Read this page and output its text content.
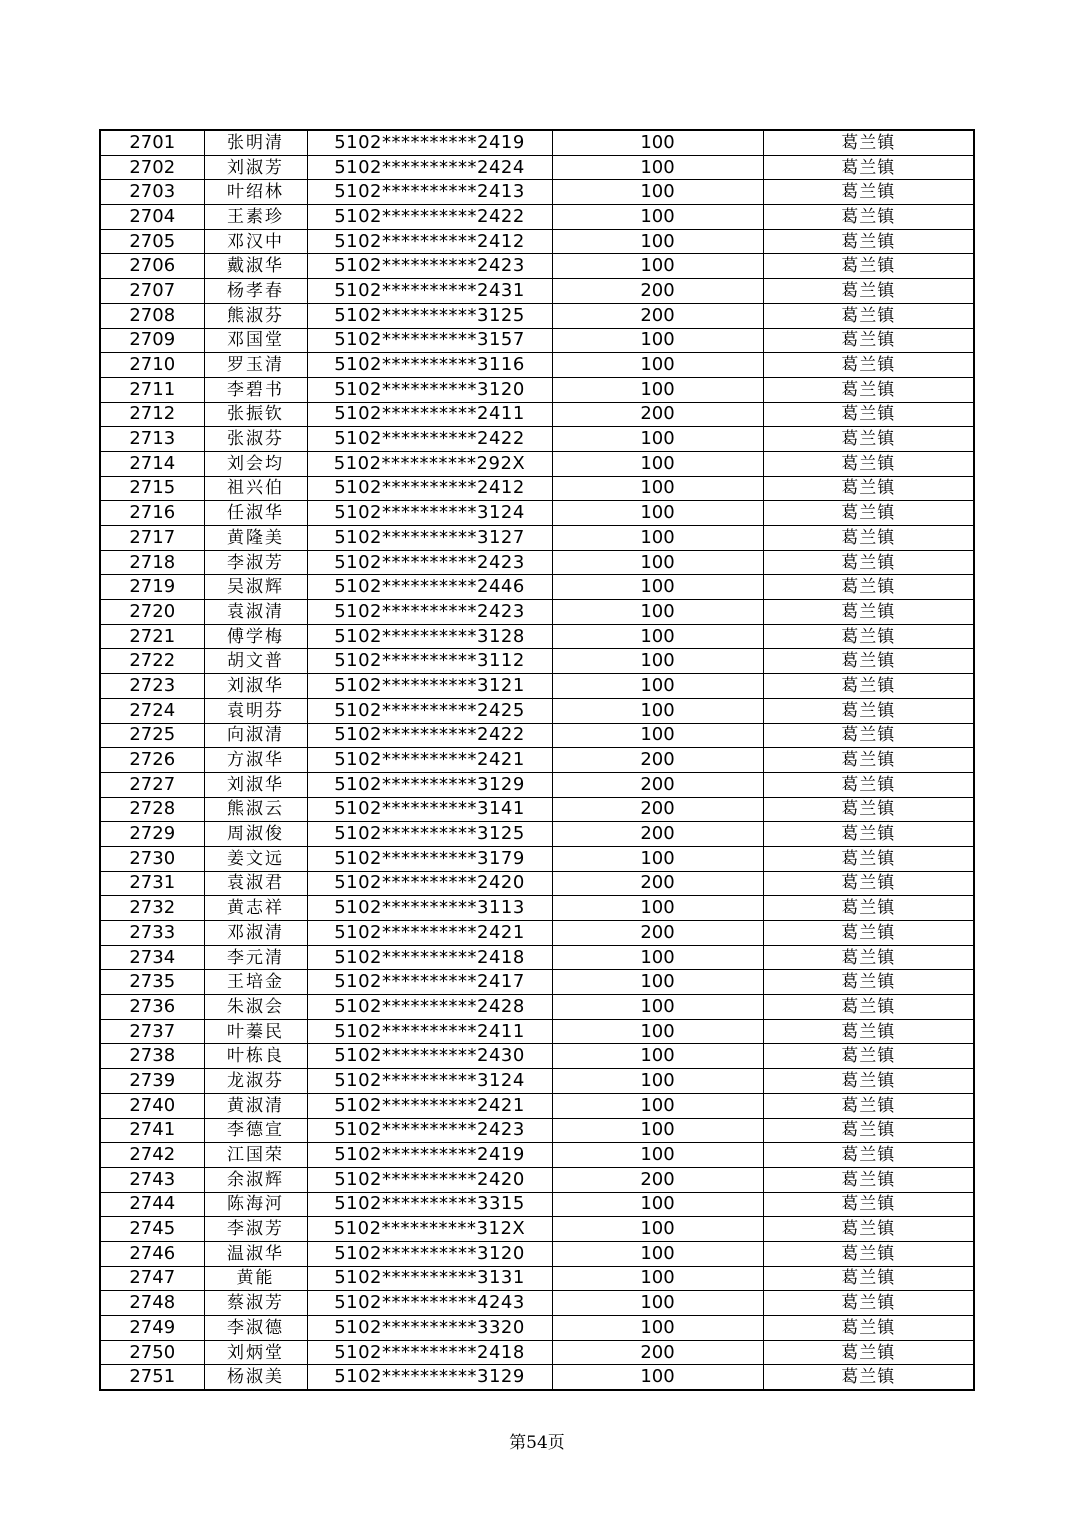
2701	张明清	5102**********2419	100	葛兰镇
2702	刘淑芳	5102**********2424	100	葛兰镇
2703	叶绍林	5102**********2413	100	葛兰镇
2704	王素珍	5102**********2422	100	葛兰镇
2705	邓汉中	5102**********2412	100	葛兰镇
2706	戴淑华	5102**********2423	100	葛兰镇
2707	杨孝春	5102**********2431	200	葛兰镇
2708	熊淑芬	5102**********3125	200	葛兰镇
2709	邓国堂	5102**********3157	100	葛兰镇
2710	罗玉清	5102**********3116	100	葛兰镇
2711	李碧书	5102**********3120	100	葛兰镇
2712	张振钦	5102**********2411	200	葛兰镇
2713	张淑芬	5102**********2422	100	葛兰镇
2714	刘会均	5102**********292X	100	葛兰镇
2715	祖兴伯	5102**********2412	100	葛兰镇
2716	任淑华	5102**********3124	100	葛兰镇
2717	黄隆美	5102**********3127	100	葛兰镇
2718	李淑芳	5102**********2423	100	葛兰镇
2719	吴淑辉	5102**********2446	100	葛兰镇
2720	袁淑清	5102**********2423	100	葛兰镇
2721	傅学梅	5102**********3128	100	葛兰镇
2722	胡文普	5102**********3112	100	葛兰镇
2723	刘淑华	5102**********3121	100	葛兰镇
2724	袁明芬	5102**********2425	100	葛兰镇
2725	向淑清	5102**********2422	100	葛兰镇
2726	方淑华	5102**********2421	200	葛兰镇
2727	刘淑华	5102**********3129	200	葛兰镇
2728	熊淑云	5102**********3141	200	葛兰镇
2729	周淑俊	5102**********3125	200	葛兰镇
2730	姜文远	5102**********3179	100	葛兰镇
2731	袁淑君	5102**********2420	200	葛兰镇
2732	黄志祥	5102**********3113	100	葛兰镇
2733	邓淑清	5102**********2421	200	葛兰镇
2734	李元清	5102**********2418	100	葛兰镇
2735	王培金	5102**********2417	100	葛兰镇
2736	朱淑会	5102**********2428	100	葛兰镇
2737	叶蓁民	5102**********2411	100	葛兰镇
2738	叶栋良	5102**********2430	100	葛兰镇
2739	龙淑芬	5102**********3124	100	葛兰镇
2740	黄淑清	5102**********2421	100	葛兰镇
2741	李德宣	5102**********2423	100	葛兰镇
2742	江国荣	5102**********2419	100	葛兰镇
2743	余淑辉	5102**********2420	200	葛兰镇
2744	陈海河	5102**********3315	100	葛兰镇
2745	李淑芳	5102**********312X	100	葛兰镇
2746	温淑华	5102**********3120	100	葛兰镇
2747	黄能	5102**********3131	100	葛兰镇
2748	蔡淑芳	5102**********4243	100	葛兰镇
2749	李淑德	5102**********3320	100	葛兰镇
2750	刘炳堂	5102**********2418	200	葛兰镇
2751	杨淑美	5102**********3129	100	葛兰镇
第54页
